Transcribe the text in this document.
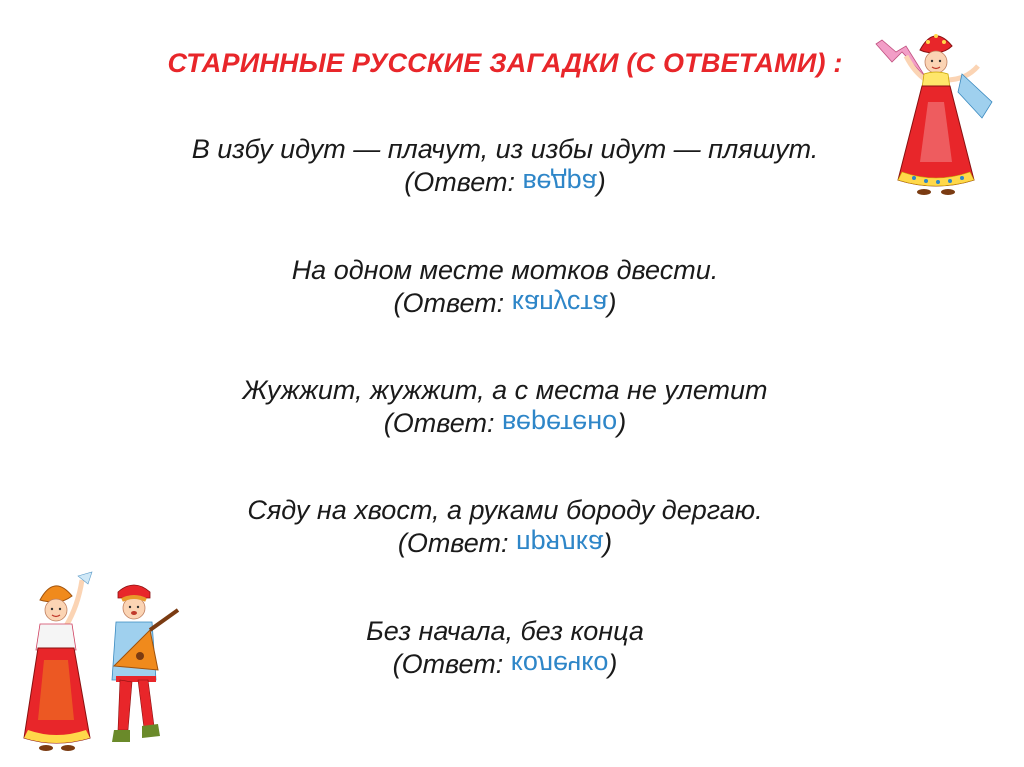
СТАРИННЫЕ РУССКИЕ ЗАГАДКИ (С ОТВЕТАМИ) :
В избу идут — плачут, из избы идут — пляшут.
(Ответ: ведра)
На одном месте мотков двести.
(Ответ: капуста)
Жужжит, жужжит, а с места не улетит
(Ответ: веретено)
Сяду на хвост, а руками бороду дергаю.
(Ответ: прялка)
Без начала, без конца
(Ответ: колечко)
